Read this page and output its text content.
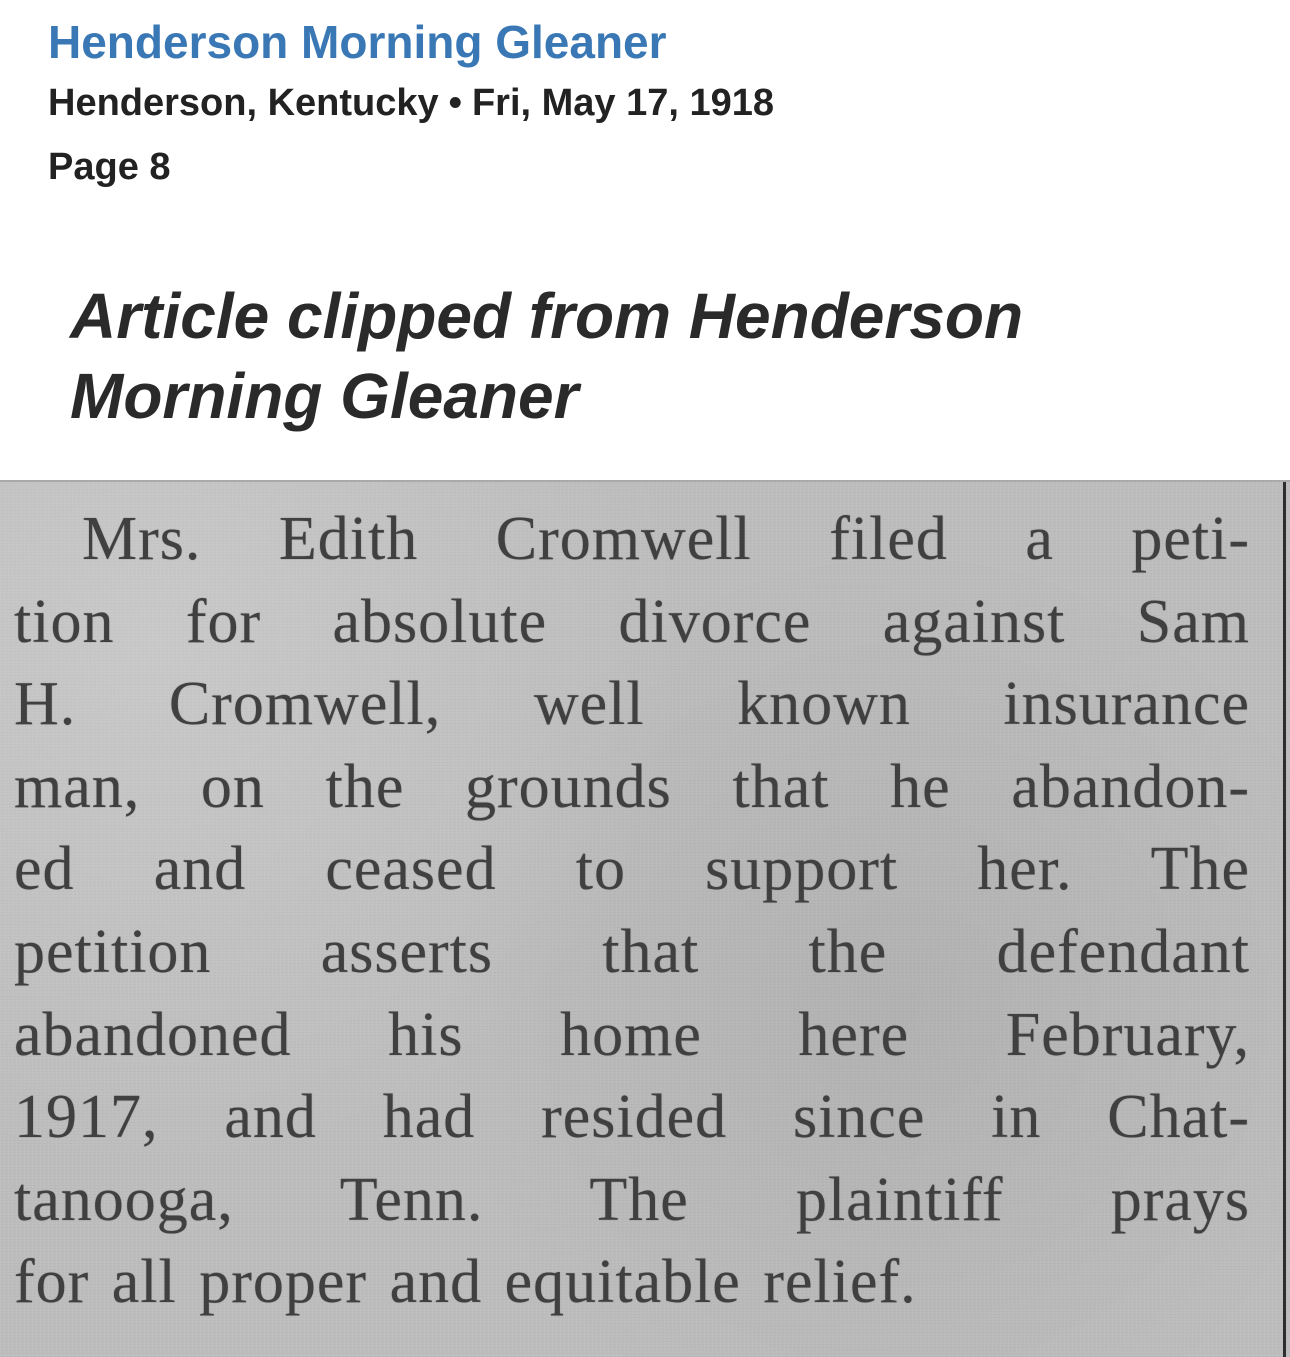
Henderson Morning Gleaner
Henderson, Kentucky • Fri, May 17, 1918
Page 8
Article clipped from Henderson Morning Gleaner
Mrs. Edith Cromwell filed a peti-
tion for absolute divorce against Sam
H. Cromwell, well known insurance
man, on the grounds that he abandon-
ed and ceased to support her. The
petition asserts that the defendant
abandoned his home here February,
1917, and had resided since in Chat-
tanooga, Tenn. The plaintiff prays
for all proper and equitable relief.
